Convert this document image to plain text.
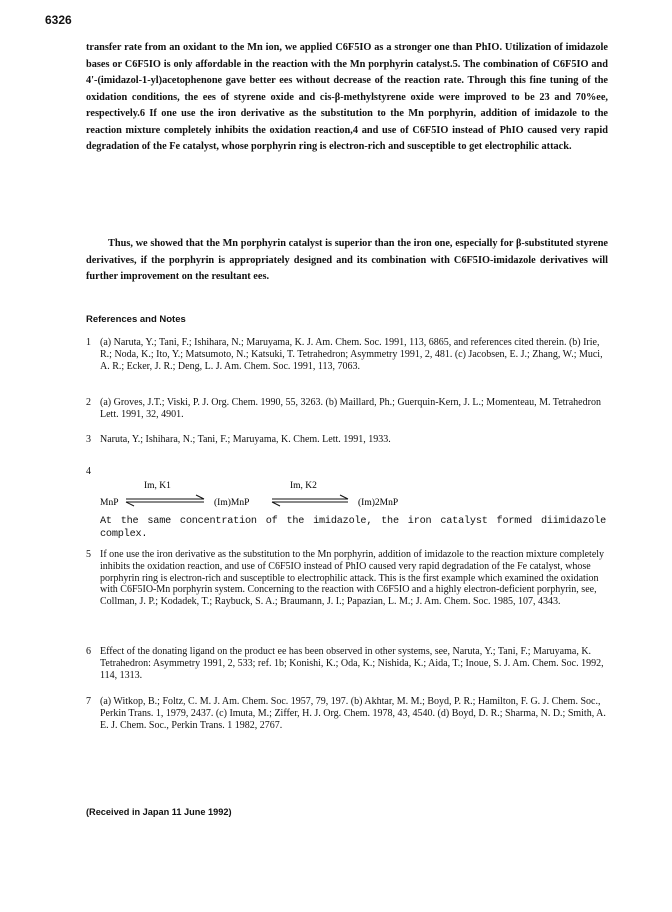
6326

transfer rate from an oxidant to the Mn ion, we applied C6F5IO as a stronger one than PhIO. Utilization of imidazole bases or C6F5IO is only affordable in the reaction with the Mn porphyrin catalyst.5. The combination of C6F5IO and 4'-(imidazol-1-yl)acetophenone gave better ees without decrease of the reaction rate. Through this fine tuning of the oxidation conditions, the ees of styrene oxide and cis-β-methylstyrene oxide were improved to be 23 and 70%ee, respectively.6 If one use the iron derivative as the substitution to the Mn porphyrin, addition of imidazole to the reaction mixture completely inhibits the oxidation reaction,4 and use of C6F5IO instead of PhIO caused very rapid degradation of the Fe catalyst, whose porphyrin ring is electron-rich and susceptible to get electrophilic attack.

Thus, we showed that the Mn porphyrin catalyst is superior than the iron one, especially for β-substituted styrene derivatives, if the porphyrin is appropriately designed and its combination with C6F5IO-imidazole derivatives will further improvement on the resultant ees.

References and Notes
1 (a) Naruta, Y.; Tani, F.; Ishihara, N.; Maruyama, K. J. Am. Chem. Soc. 1991, 113, 6865, and references cited therein. (b) Irie, R.; Noda, K.; Ito, Y.; Matsumoto, N.; Katsuki, T. Tetrahedron; Asymmetry 1991, 2, 481. (c) Jacobsen, E. J.; Zhang, W.; Muci, A. R.; Ecker, J. R.; Deng, L. J. Am. Chem. Soc. 1991, 113, 7063.
2 (a) Groves, J.T.; Viski, P. J. Org. Chem. 1990, 55, 3263. (b) Maillard, Ph.; Guerquin-Kern, J. L.; Momenteau, M. Tetrahedron Lett. 1991, 32, 4901.
3 Naruta, Y.; Ishihara, N.; Tani, F.; Maruyama, K. Chem. Lett. 1991, 1933.
4
MnP
Im, K1
(Im)MnP
Im, K2
(Im)2MnP
At the same concentration of the imidazole, the iron catalyst formed diimidazole complex.
5 If one use the iron derivative as the substitution to the Mn porphyrin, addition of imidazole to the reaction mixture completely inhibits the oxidation reaction, and use of C6F5IO instead of PhIO caused very rapid degradation of the Fe catalyst, whose porphyrin ring is electron-rich and susceptible to electrophilic attack. This is the first example which examined the oxidation with C6F5IO-Mn porphyrin system. Concerning to the reaction with C6F5IO and a highly electron-deficient porphyrin, see, Collman, J. P.; Kodadek, T.; Raybuck, S. A.; Braumann, J. I.; Papazian, L. M.; J. Am. Chem. Soc. 1985, 107, 4343.
6 Effect of the donating ligand on the product ee has been observed in other systems, see, Naruta, Y.; Tani, F.; Maruyama, K. Tetrahedron: Asymmetry 1991, 2, 533; ref. 1b; Konishi, K.; Oda, K.; Nishida, K.; Aida, T.; Inoue, S. J. Am. Chem. Soc. 1992, 114, 1313.
7 (a) Witkop, B.; Foltz, C. M. J. Am. Chem. Soc. 1957, 79, 197. (b) Akhtar, M. M.; Boyd, P. R.; Hamilton, F. G. J. Chem. Soc., Perkin Trans. 1, 1979, 2437. (c) Imuta, M.; Ziffer, H. J. Org. Chem. 1978, 43, 4540. (d) Boyd, D. R.; Sharma, N. D.; Smith, A. E. J. Chem. Soc., Perkin Trans. 1 1982, 2767.
(Received in Japan 11 June 1992)
